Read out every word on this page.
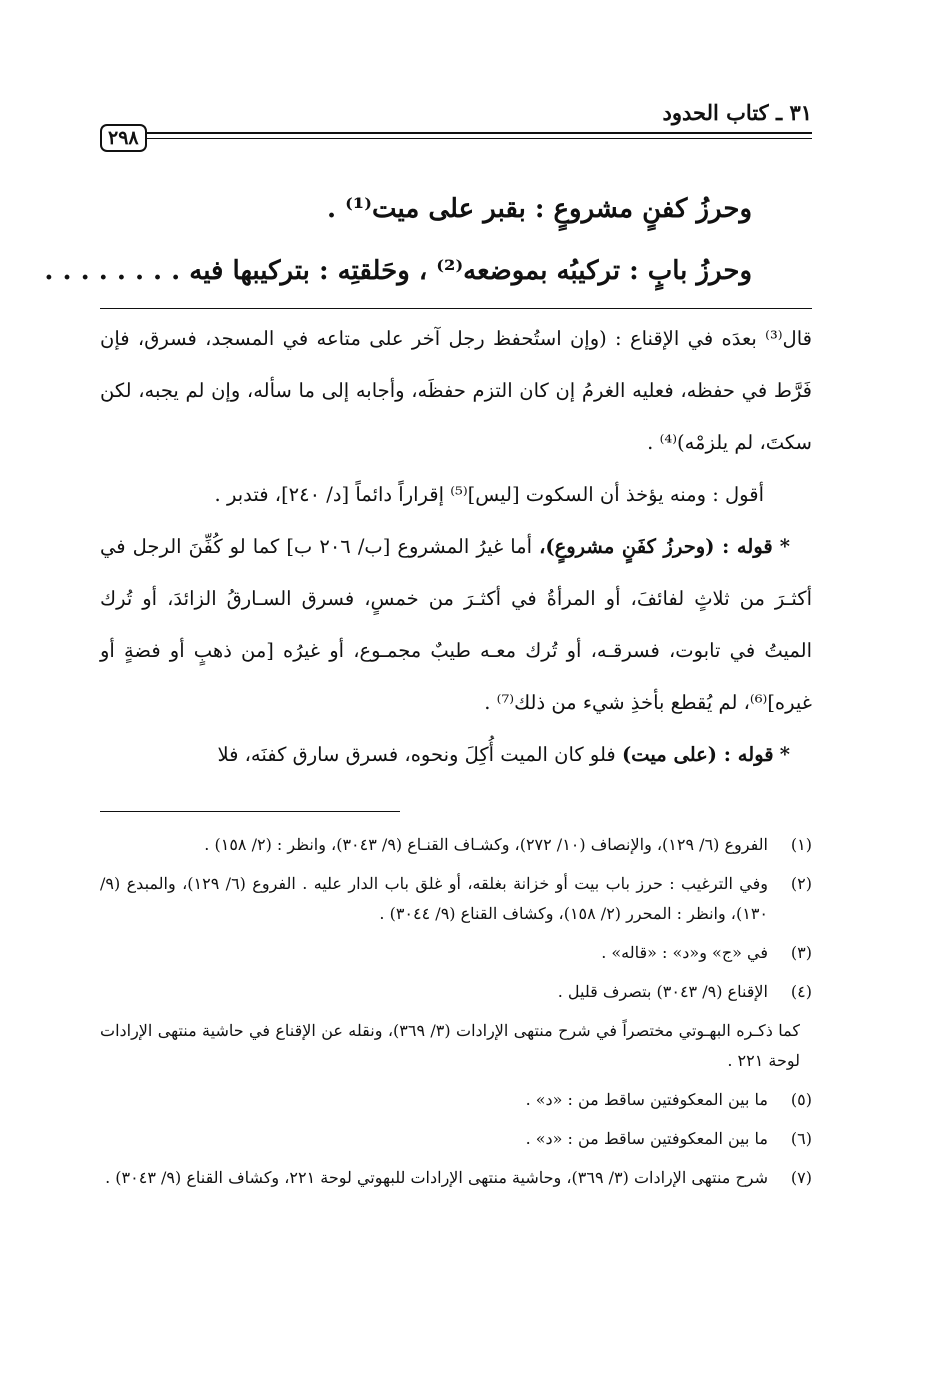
٣١ ـ كتاب الحدود
٢٩٨
وحرزُ كفنٍ مشروعٍ : بقبر على ميت⁽¹⁾ .
وحرزُ بابٍ : تركيبُه بموضعه⁽²⁾ ، وحَلقتِه : بتركيبها فيه . . . . . . . .
قال⁽³⁾ بعدَه في الإقناع : (وإن استُحفظ رجل آخر على متاعه في المسجد، فسرق، فإن فَرَّط في حفظه، فعليه الغرمُ إن كان التزم حفظَه، وأجابه إلى ما سأله، وإن لم يجبه، لكن سكتَ، لم يلزمْه)⁽⁴⁾ .
أقول : ومنه يؤخذ أن السكوت [ليس]⁽⁵⁾ إقراراً دائماً [د/ ٢٤٠]، فتدبر .
* قوله : (وحرزُ كفَنٍ مشروعٍ)، أما غيرُ المشروع [ب/ ٢٠٦ ب] كما لو كُفِّنَ الرجل في أكثـرَ من ثلاثٍ لفائفَ، أو المرأةُ في أكثـرَ من خمسٍ، فسرق السـارقُ الزائدَ، أو تُرك الميتُ في تابوت، فسرقـه، أو تُرك معـه طيبٌ مجمـوع، أو غيرُه [من ذهبٍ أو فضةٍ أو غيره]⁽⁶⁾، لم يُقطع بأخذِ شيء من ذلك⁽⁷⁾ .
* قوله : (على ميت) فلو كان الميت أُكِلَ ونحوه، فسرق سارق كفنَه، فلا
(١)
الفروع (٦/ ١٢٩)، والإنصاف (١٠/ ٢٧٢)، وكشـاف القنـاع (٩/ ٣٠٤٣)، وانظر : (٢/ ١٥٨) .
(٢)
وفي الترغيب : حرز باب بيت أو خزانة بغلقه، أو غلق باب الدار عليه . الفروع (٦/ ١٢٩)، والمبدع (٩/ ١٣٠)، وانظر : المحرر (٢/ ١٥٨)، وكشاف القناع (٩/ ٣٠٤٤) .
(٣)
في «ج» و«د» : «قاله» .
(٤)
الإقناع (٩/ ٣٠٤٣) بتصرف قليل .
كما ذكـره البهـوتي مختصراً في شرح منتهى الإرادات (٣/ ٣٦٩)، ونقله عن الإقناع في حاشية منتهى الإرادات لوحة ٢٢١ .
(٥)
ما بين المعكوفتين ساقط من : «د» .
(٦)
ما بين المعكوفتين ساقط من : «د» .
(٧)
شرح منتهى الإرادات (٣/ ٣٦٩)، وحاشية منتهى الإرادات للبهوتي لوحة ٢٢١، وكشاف القناع (٩/ ٣٠٤٣) .
